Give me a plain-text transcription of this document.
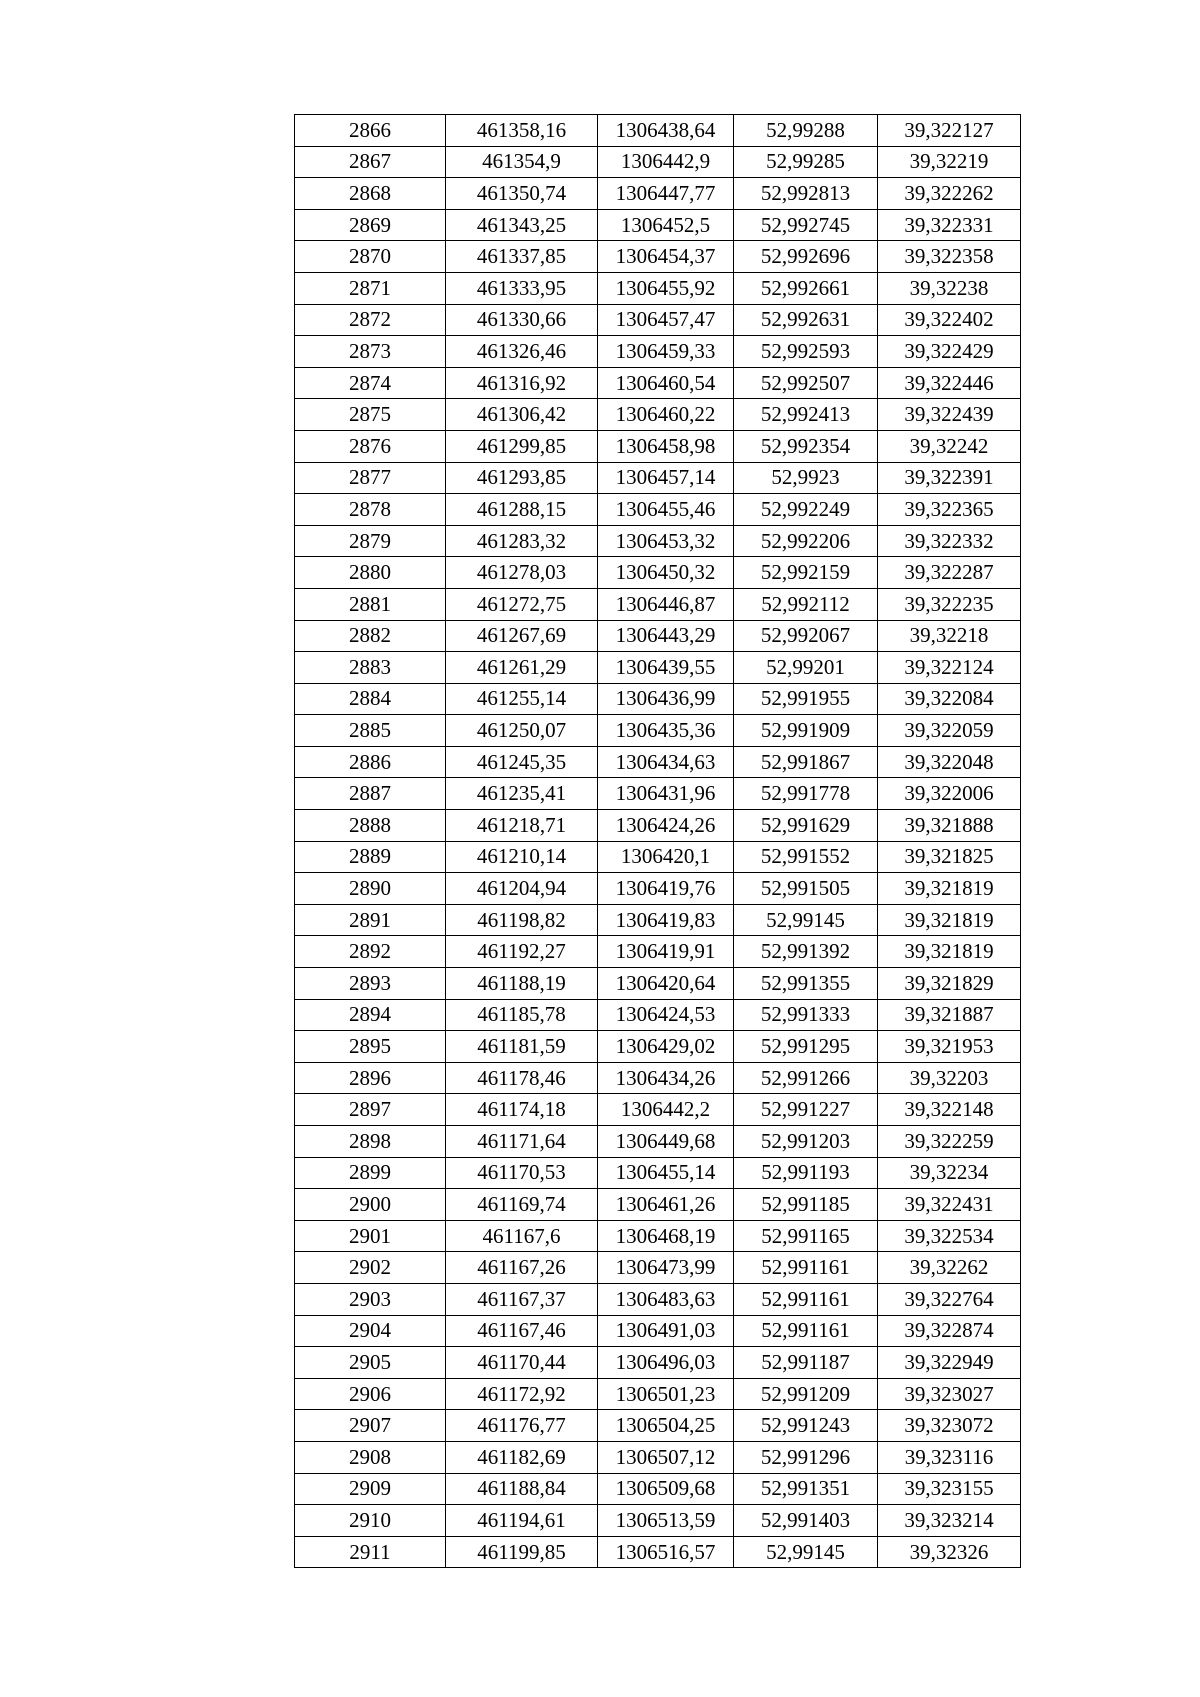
2866	461358,16	1306438,64	52,99288	39,322127
2867	461354,9	1306442,9	52,99285	39,32219
2868	461350,74	1306447,77	52,992813	39,322262
2869	461343,25	1306452,5	52,992745	39,322331
2870	461337,85	1306454,37	52,992696	39,322358
2871	461333,95	1306455,92	52,992661	39,32238
2872	461330,66	1306457,47	52,992631	39,322402
2873	461326,46	1306459,33	52,992593	39,322429
2874	461316,92	1306460,54	52,992507	39,322446
2875	461306,42	1306460,22	52,992413	39,322439
2876	461299,85	1306458,98	52,992354	39,32242
2877	461293,85	1306457,14	52,9923	39,322391
2878	461288,15	1306455,46	52,992249	39,322365
2879	461283,32	1306453,32	52,992206	39,322332
2880	461278,03	1306450,32	52,992159	39,322287
2881	461272,75	1306446,87	52,992112	39,322235
2882	461267,69	1306443,29	52,992067	39,32218
2883	461261,29	1306439,55	52,99201	39,322124
2884	461255,14	1306436,99	52,991955	39,322084
2885	461250,07	1306435,36	52,991909	39,322059
2886	461245,35	1306434,63	52,991867	39,322048
2887	461235,41	1306431,96	52,991778	39,322006
2888	461218,71	1306424,26	52,991629	39,321888
2889	461210,14	1306420,1	52,991552	39,321825
2890	461204,94	1306419,76	52,991505	39,321819
2891	461198,82	1306419,83	52,99145	39,321819
2892	461192,27	1306419,91	52,991392	39,321819
2893	461188,19	1306420,64	52,991355	39,321829
2894	461185,78	1306424,53	52,991333	39,321887
2895	461181,59	1306429,02	52,991295	39,321953
2896	461178,46	1306434,26	52,991266	39,32203
2897	461174,18	1306442,2	52,991227	39,322148
2898	461171,64	1306449,68	52,991203	39,322259
2899	461170,53	1306455,14	52,991193	39,32234
2900	461169,74	1306461,26	52,991185	39,322431
2901	461167,6	1306468,19	52,991165	39,322534
2902	461167,26	1306473,99	52,991161	39,32262
2903	461167,37	1306483,63	52,991161	39,322764
2904	461167,46	1306491,03	52,991161	39,322874
2905	461170,44	1306496,03	52,991187	39,322949
2906	461172,92	1306501,23	52,991209	39,323027
2907	461176,77	1306504,25	52,991243	39,323072
2908	461182,69	1306507,12	52,991296	39,323116
2909	461188,84	1306509,68	52,991351	39,323155
2910	461194,61	1306513,59	52,991403	39,323214
2911	461199,85	1306516,57	52,99145	39,32326
